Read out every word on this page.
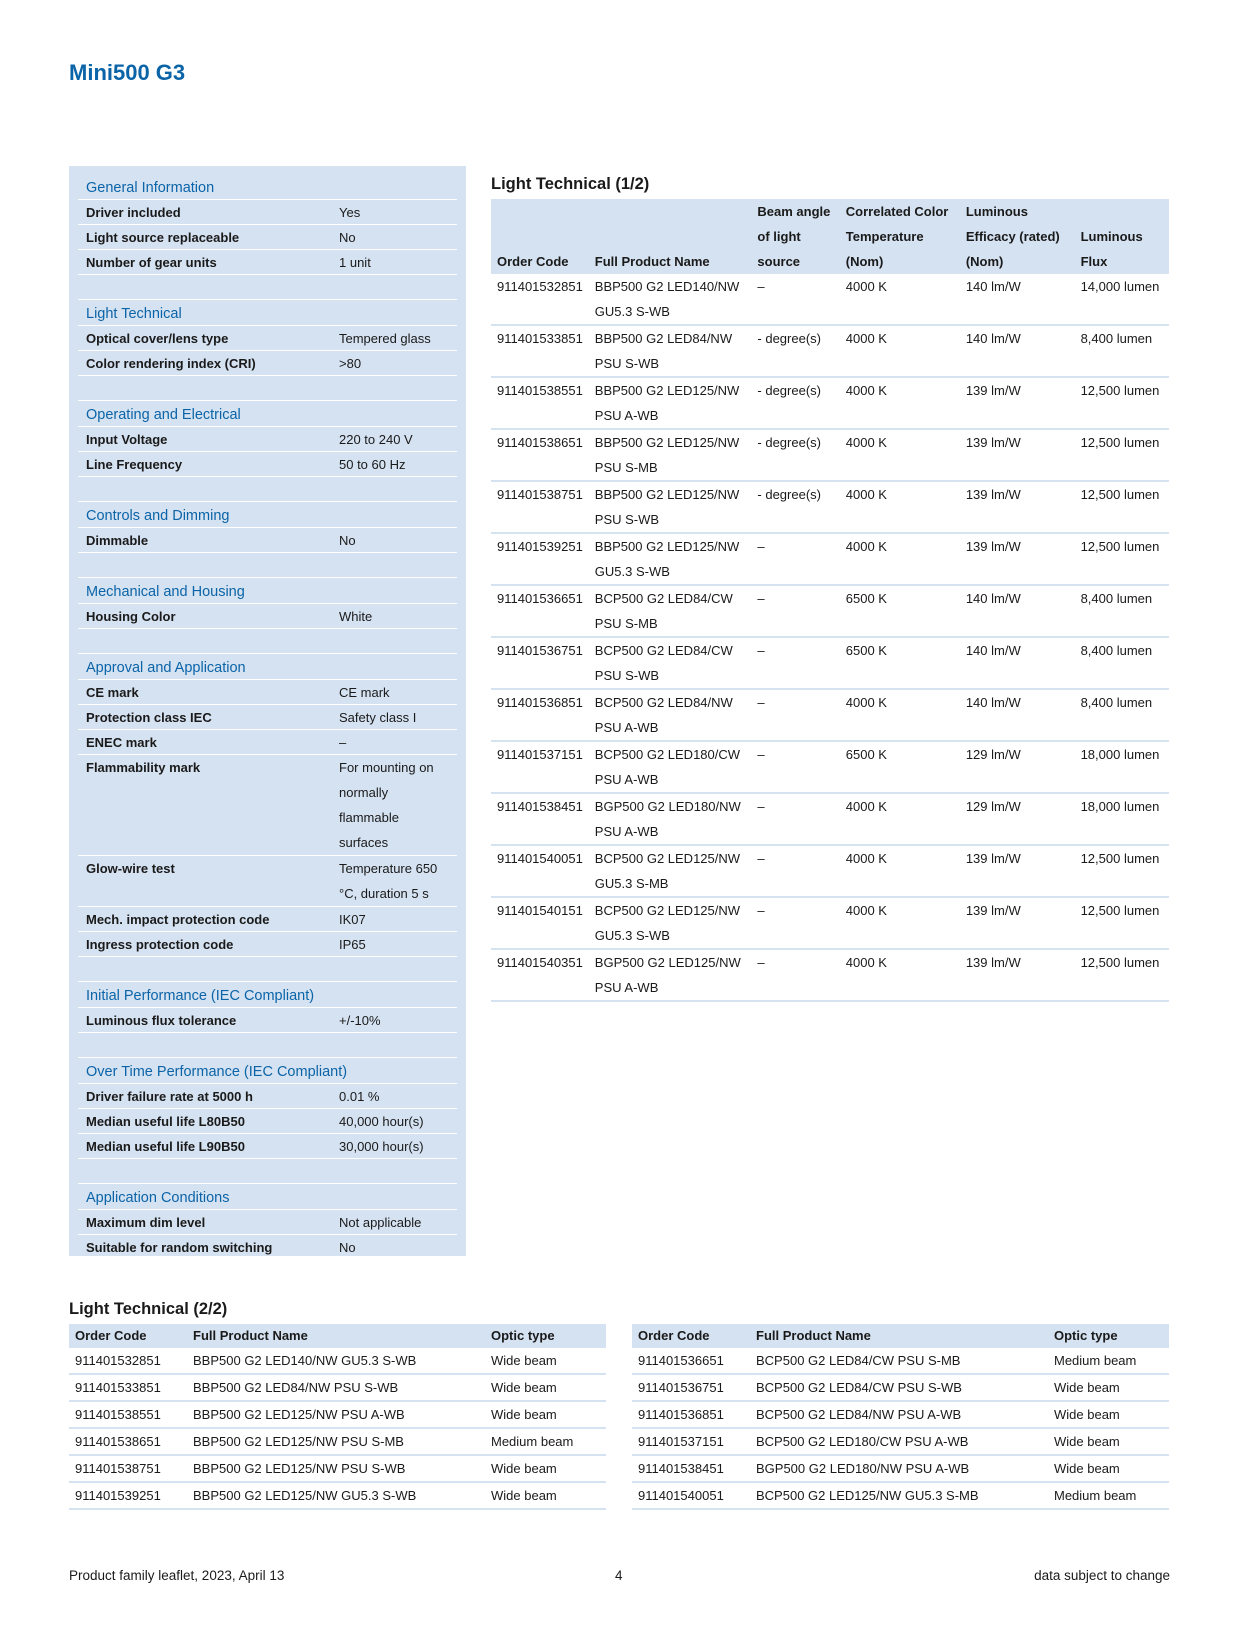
Mini500 G3
General Information
Driver included	Yes
Light source replaceable	No
Number of gear units	1 unit
Light Technical
Optical cover/lens type	Tempered glass
Color rendering index (CRI)	>80
Operating and Electrical
Input Voltage	220 to 240 V
Line Frequency	50 to 60 Hz
Controls and Dimming
Dimmable	No
Mechanical and Housing
Housing Color	White
Approval and Application
CE mark	CE mark
Protection class IEC	Safety class I
ENEC mark	–
Flammability mark	For mounting on normally flammable surfaces
Glow-wire test	Temperature 650 °C, duration 5 s
Mech. impact protection code	IK07
Ingress protection code	IP65
Initial Performance (IEC Compliant)
Luminous flux tolerance	+/-10%
Over Time Performance (IEC Compliant)
Driver failure rate at 5000 h	0.01 %
Median useful life L80B50	40,000 hour(s)
Median useful life L90B50	30,000 hour(s)
Application Conditions
Maximum dim level	Not applicable
Suitable for random switching	No
Light Technical (1/2)
Order Code	Full Product Name	Beam angle of light source	Correlated Color Temperature (Nom)	Luminous Efficacy (rated) (Nom)	Luminous Flux
911401532851	BBP500 G2 LED140/NW GU5.3 S-WB	–	4000 K	140 lm/W	14,000 lumen
911401533851	BBP500 G2 LED84/NW PSU S-WB	- degree(s)	4000 K	140 lm/W	8,400 lumen
911401538551	BBP500 G2 LED125/NW PSU A-WB	- degree(s)	4000 K	139 lm/W	12,500 lumen
911401538651	BBP500 G2 LED125/NW PSU S-MB	- degree(s)	4000 K	139 lm/W	12,500 lumen
911401538751	BBP500 G2 LED125/NW PSU S-WB	- degree(s)	4000 K	139 lm/W	12,500 lumen
911401539251	BBP500 G2 LED125/NW GU5.3 S-WB	–	4000 K	139 lm/W	12,500 lumen
911401536651	BCP500 G2 LED84/CW PSU S-MB	–	6500 K	140 lm/W	8,400 lumen
911401536751	BCP500 G2 LED84/CW PSU S-WB	–	6500 K	140 lm/W	8,400 lumen
911401536851	BCP500 G2 LED84/NW PSU A-WB	–	4000 K	140 lm/W	8,400 lumen
911401537151	BCP500 G2 LED180/CW PSU A-WB	–	6500 K	129 lm/W	18,000 lumen
911401538451	BGP500 G2 LED180/NW PSU A-WB	–	4000 K	129 lm/W	18,000 lumen
911401540051	BCP500 G2 LED125/NW GU5.3 S-MB	–	4000 K	139 lm/W	12,500 lumen
911401540151	BCP500 G2 LED125/NW GU5.3 S-WB	–	4000 K	139 lm/W	12,500 lumen
911401540351	BGP500 G2 LED125/NW PSU A-WB	–	4000 K	139 lm/W	12,500 lumen
Light Technical (2/2)
Order Code	Full Product Name	Optic type
911401532851	BBP500 G2 LED140/NW GU5.3 S-WB	Wide beam
911401533851	BBP500 G2 LED84/NW PSU S-WB	Wide beam
911401538551	BBP500 G2 LED125/NW PSU A-WB	Wide beam
911401538651	BBP500 G2 LED125/NW PSU S-MB	Medium beam
911401538751	BBP500 G2 LED125/NW PSU S-WB	Wide beam
911401539251	BBP500 G2 LED125/NW GU5.3 S-WB	Wide beam
Order Code	Full Product Name	Optic type
911401536651	BCP500 G2 LED84/CW PSU S-MB	Medium beam
911401536751	BCP500 G2 LED84/CW PSU S-WB	Wide beam
911401536851	BCP500 G2 LED84/NW PSU A-WB	Wide beam
911401537151	BCP500 G2 LED180/CW PSU A-WB	Wide beam
911401538451	BGP500 G2 LED180/NW PSU A-WB	Wide beam
911401540051	BCP500 G2 LED125/NW GU5.3 S-MB	Medium beam
Product family leaflet, 2023, April 13	4	data subject to change
